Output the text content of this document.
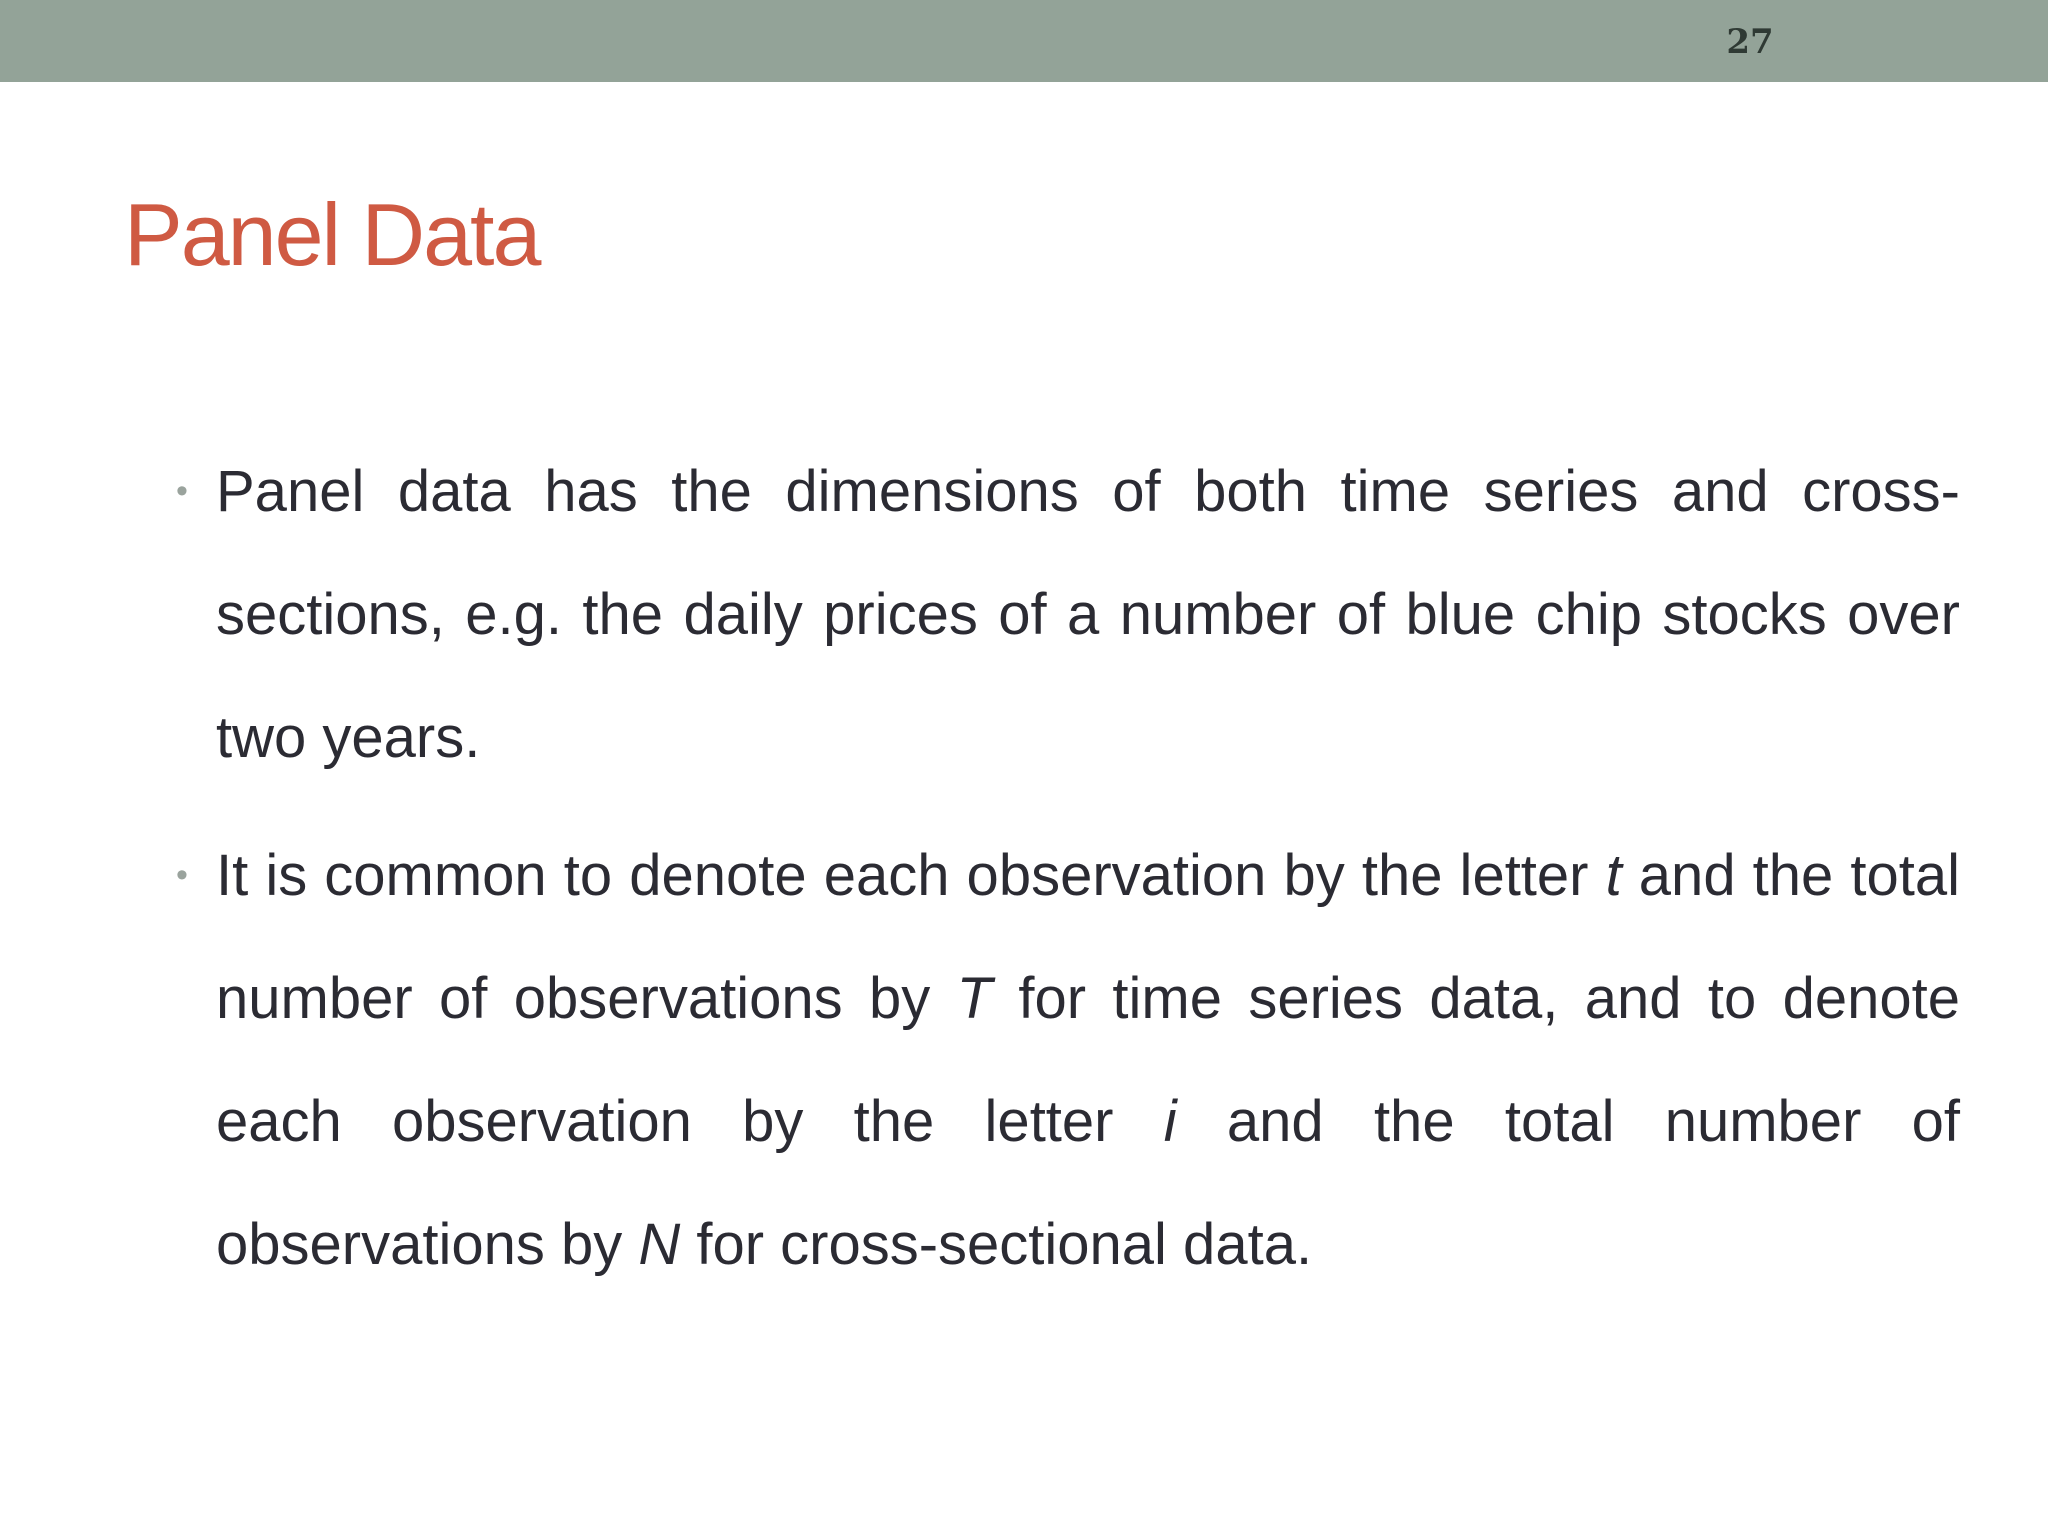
27
Panel Data
• Panel data has the dimensions of both time series and cross-sections, e.g. the daily prices of a number of blue chip stocks over two years.
• It is common to denote each observation by the letter t and the total number of observations by T for time series data, and to denote each observation by the letter i and the total number of observations by N for cross-sectional data.
